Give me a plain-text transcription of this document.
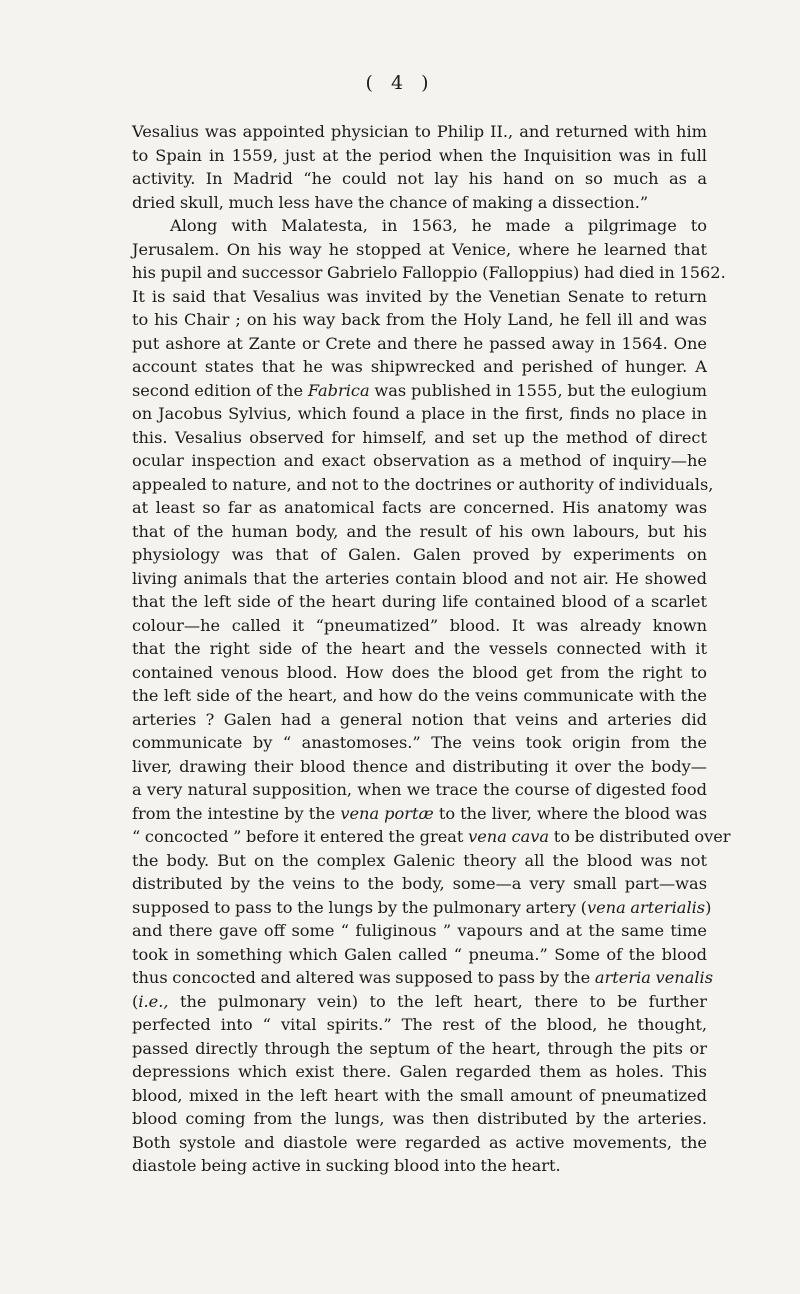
( 4 )
Vesalius was appointed physician to Philip II., and returned with him
to Spain in 1559, just at the period when the Inquisition was in full
activity. In Madrid “he could not lay his hand on so much as a
dried skull, much less have the chance of making a dissection.”
Along with Malatesta, in 1563, he made a pilgrimage to
Jerusalem. On his way he stopped at Venice, where he learned that
his pupil and successor Gabrielo Falloppio (Falloppius) had died in 1562.
It is said that Vesalius was invited by the Venetian Senate to return
to his Chair ; on his way back from the Holy Land, he fell ill and was
put ashore at Zante or Crete and there he passed away in 1564. One
account states that he was shipwrecked and perished of hunger. A
second edition of the Fabrica was published in 1555, but the eulogium
on Jacobus Sylvius, which found a place in the first, finds no place in
this. Vesalius observed for himself, and set up the method of direct
ocular inspection and exact observation as a method of inquiry—he
appealed to nature, and not to the doctrines or authority of individuals,
at least so far as anatomical facts are concerned. His anatomy was
that of the human body, and the result of his own labours, but his
physiology was that of Galen. Galen proved by experiments on
living animals that the arteries contain blood and not air. He showed
that the left side of the heart during life contained blood of a scarlet
colour—he called it “pneumatized” blood. It was already known
that the right side of the heart and the vessels connected with it
contained venous blood. How does the blood get from the right to
the left side of the heart, and how do the veins communicate with the
arteries ? Galen had a general notion that veins and arteries did
communicate by “ anastomoses.” The veins took origin from the
liver, drawing their blood thence and distributing it over the body—
a very natural supposition, when we trace the course of digested food
from the intestine by the vena portæ to the liver, where the blood was
“ concocted ” before it entered the great vena cava to be distributed over
the body. But on the complex Galenic theory all the blood was not
distributed by the veins to the body, some—a very small part—was
supposed to pass to the lungs by the pulmonary artery (vena arterialis)
and there gave off some “ fuliginous ” vapours and at the same time
took in something which Galen called “ pneuma.” Some of the blood
thus concocted and altered was supposed to pass by the arteria venalis
(i.e., the pulmonary vein) to the left heart, there to be further
perfected into “ vital spirits.” The rest of the blood, he thought,
passed directly through the septum of the heart, through the pits or
depressions which exist there. Galen regarded them as holes. This
blood, mixed in the left heart with the small amount of pneumatized
blood coming from the lungs, was then distributed by the arteries.
Both systole and diastole were regarded as active movements, the
diastole being active in sucking blood into the heart.
